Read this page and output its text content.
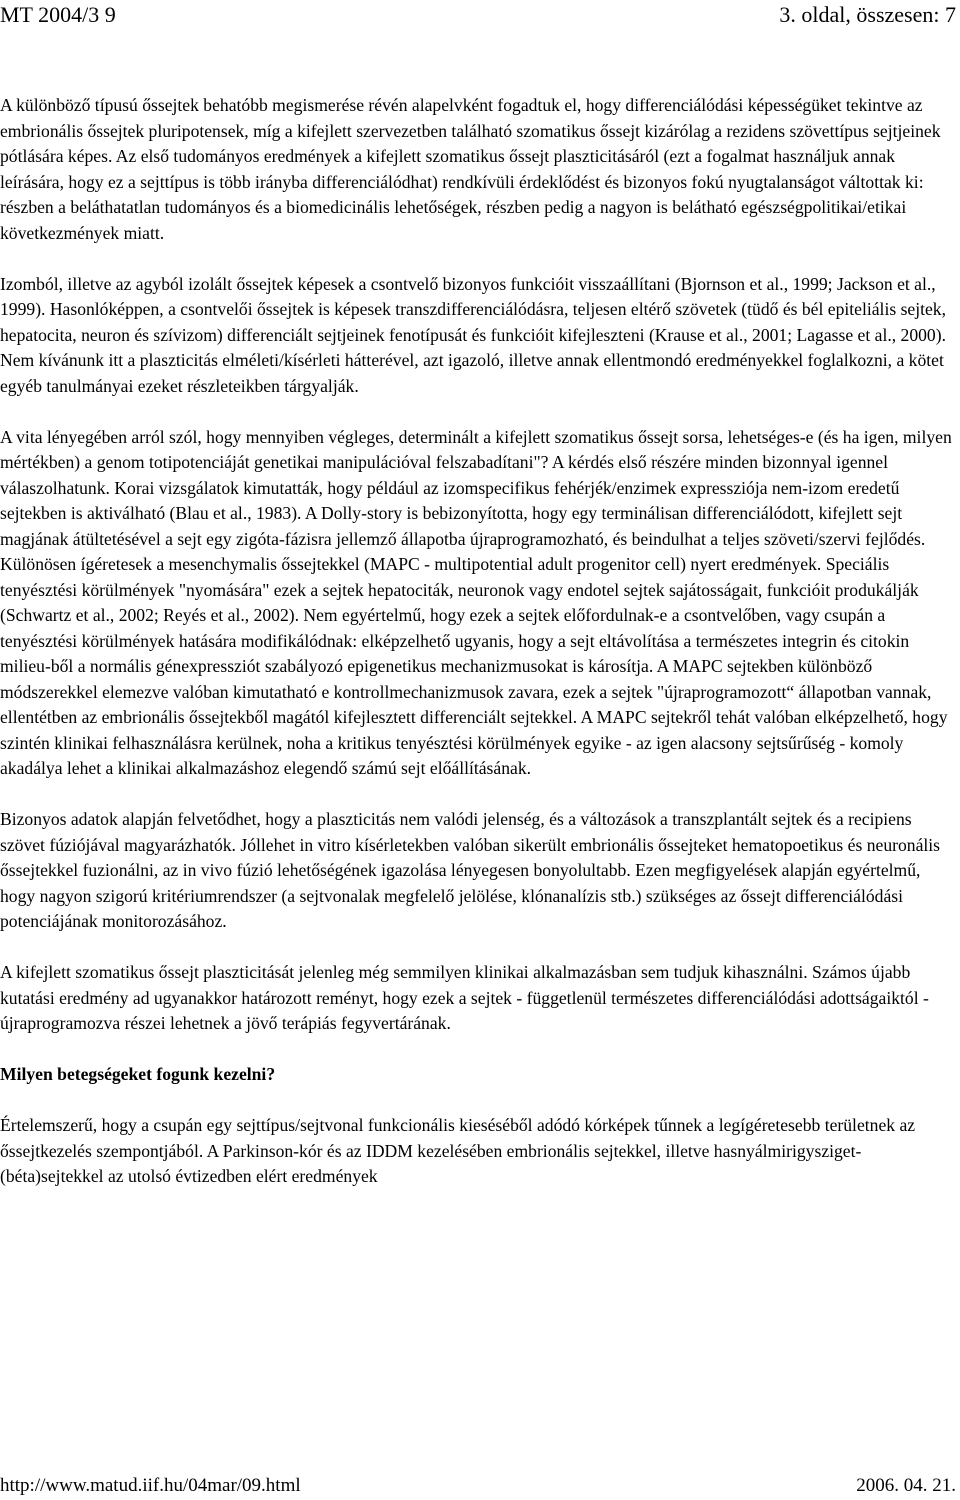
MT 2004/3 9	3. oldal, összesen: 7

A különböző típusú őssejtek behatóbb megismerése révén alapelvként fogadtuk el, hogy differenciálódási képességüket tekintve az embrionális őssejtek pluripotensek, míg a kifejlett szervezetben található szomatikus őssejt kizárólag a rezidens szövettípus sejtjeinek pótlására képes. Az első tudományos eredmények a kifejlett szomatikus őssejt plaszticitásáról (ezt a fogalmat használjuk annak leírására, hogy ez a sejttípus is több irányba differenciálódhat) rendkívüli érdeklődést és bizonyos fokú nyugtalanságot váltottak ki: részben a beláthatatlan tudományos és a biomedicinális lehetőségek, részben pedig a nagyon is belátható egészségpolitikai/etikai következmények miatt.

Izomból, illetve az agyból izolált őssejtek képesek a csontvelő bizonyos funkcióit visszaállítani (Bjornson et al., 1999; Jackson et al., 1999). Hasonlóképpen, a csontvelői őssejtek is képesek transzdifferenciálódásra, teljesen eltérő szövetek (tüdő és bél epiteliális sejtek, hepatocita, neuron és szívizom) differenciált sejtjeinek fenotípusát és funkcióit kifejleszteni (Krause et al., 2001; Lagasse et al., 2000). Nem kívánunk itt a plaszticitás elméleti/kísérleti hátterével, azt igazoló, illetve annak ellentmondó eredményekkel foglalkozni, a kötet egyéb tanulmányai ezeket részleteikben tárgyalják.

A vita lényegében arról szól, hogy mennyiben végleges, determinált a kifejlett szomatikus őssejt sorsa, lehetséges-e (és ha igen, milyen mértékben) a genom totipotenciáját genetikai manipulációval felszabadítani"? A kérdés első részére minden bizonnyal igennel válaszolhatunk. Korai vizsgálatok kimutatták, hogy például az izomspecifikus fehérjék/enzimek expressziója nem-izom eredetű sejtekben is aktiválható (Blau et al., 1983). A Dolly-story is bebizonyította, hogy egy terminálisan differenciálódott, kifejlett sejt magjának átültetésével a sejt egy zigóta-fázisra jellemző állapotba újraprogramozható, és beindulhat a teljes szöveti/szervi fejlődés. Különösen ígéretesek a mesenchymalis őssejtekkel (MAPC - multipotential adult progenitor cell) nyert eredmények. Speciális tenyésztési körülmények "nyomására" ezek a sejtek hepatociták, neuronok vagy endotel sejtek sajátosságait, funkcióit produkálják (Schwartz et al., 2002; Reyés et al., 2002). Nem egyértelmű, hogy ezek a sejtek előfordulnak-e a csontvelőben, vagy csupán a tenyésztési körülmények hatására modifikálódnak: elképzelhető ugyanis, hogy a sejt eltávolítása a természetes integrin és citokin milieu-ből a normális génexpressziót szabályozó epigenetikus mechanizmusokat is károsítja. A MAPC sejtekben különböző módszerekkel elemezve valóban kimutatható e kontrollmechanizmusok zavara, ezek a sejtek "újraprogramozott“ állapotban vannak, ellentétben az embrionális őssejtekből magától kifejlesztett differenciált sejtekkel. A MAPC sejtekről tehát valóban elképzelhető, hogy szintén klinikai felhasználásra kerülnek, noha a kritikus tenyésztési körülmények egyike - az igen alacsony sejtsűrűség - komoly akadálya lehet a klinikai alkalmazáshoz elegendő számú sejt előállításának.

Bizonyos adatok alapján felvetődhet, hogy a plaszticitás nem valódi jelenség, és a változások a transzplantált sejtek és a recipiens szövet fúziójával magyarázhatók. Jóllehet in vitro kísérletekben valóban sikerült embrionális őssejteket hematopoetikus és neuronális őssejtekkel fuzionálni, az in vivo fúzió lehetőségének igazolása lényegesen bonyolultabb. Ezen megfigyelések alapján egyértelmű, hogy nagyon szigorú kritériumrendszer (a sejtvonalak megfelelő jelölése, klónanalízis stb.) szükséges az őssejt differenciálódási potenciájának monitorozásához.

A kifejlett szomatikus őssejt plaszticitását jelenleg még semmilyen klinikai alkalmazásban sem tudjuk kihasználni. Számos újabb kutatási eredmény ad ugyanakkor határozott reményt, hogy ezek a sejtek - függetlenül természetes differenciálódási adottságaiktól - újraprogramozva részei lehetnek a jövő terápiás fegyvertárának.

Milyen betegségeket fogunk kezelni?

Értelemszerű, hogy a csupán egy sejttípus/sejtvonal funkcionális kieséséből adódó kórképek tűnnek a legígéretesebb területnek az őssejtkezelés szempontjából. A Parkinson-kór és az IDDM kezelésében embrionális sejtekkel, illetve hasnyálmirigysziget-(béta)sejtekkel az utolsó évtizedben elért eredmények

http://www.matud.iif.hu/04mar/09.html	2006. 04. 21.
